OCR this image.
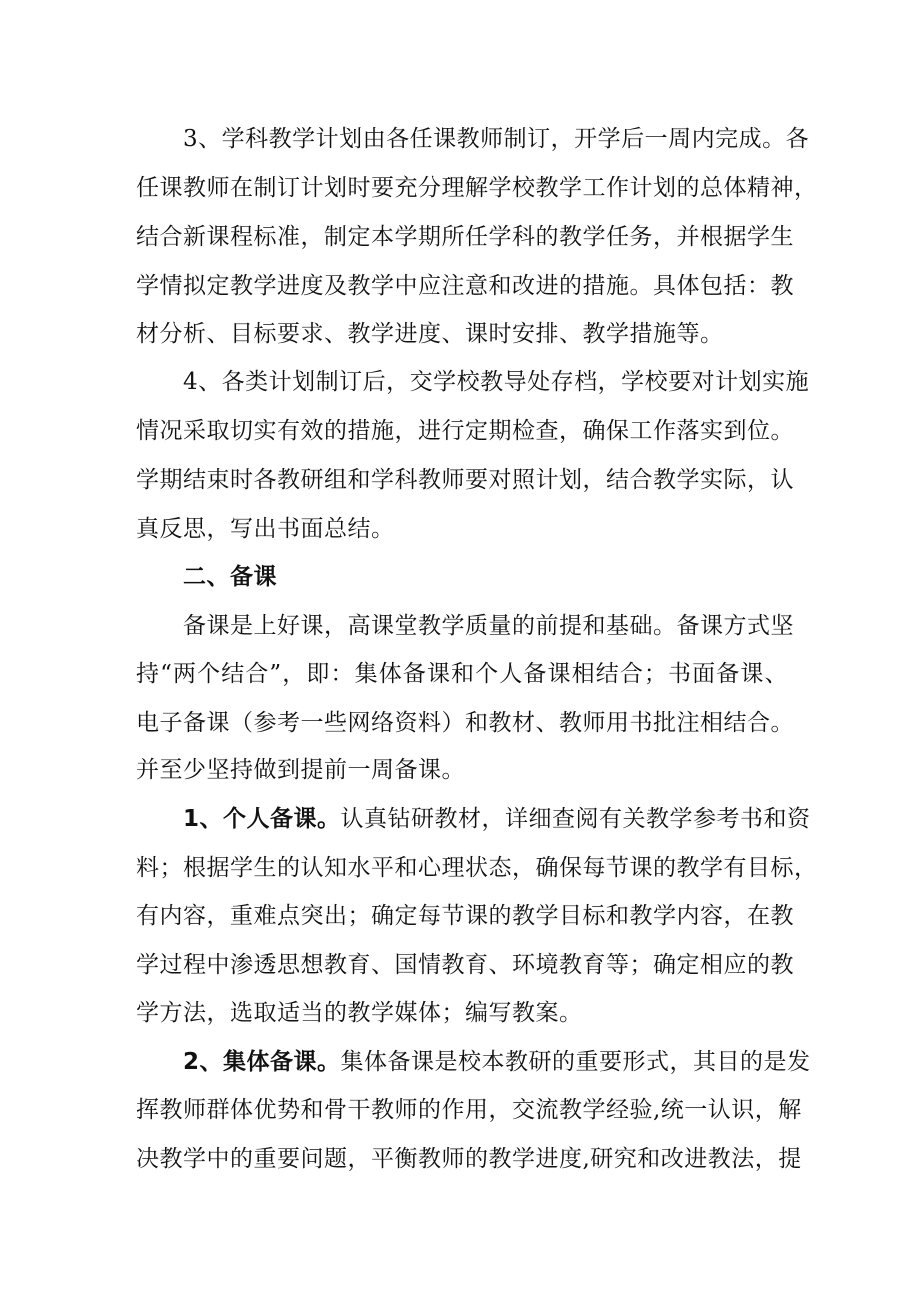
3、学科教学计划由各任课教师制订，开学后一周内完成。各
任课教师在制订计划时要充分理解学校教学工作计划的总体精神，
结合新课程标准，制定本学期所任学科的教学任务，并根据学生
学情拟定教学进度及教学中应注意和改进的措施。具体包括：教
材分析、目标要求、教学进度、课时安排、教学措施等。
4、各类计划制订后，交学校教导处存档，学校要对计划实施
情况采取切实有效的措施，进行定期检查，确保工作落实到位。
学期结束时各教研组和学科教师要对照计划，结合教学实际，认
真反思，写出书面总结。
二、备课
备课是上好课，高课堂教学质量的前提和基础。备课方式坚
持“两个结合”，即：集体备课和个人备课相结合；书面备课、
电子备课（参考一些网络资料）和教材、教师用书批注相结合。
并至少坚持做到提前一周备课。
1、个人备课。认真钻研教材，详细查阅有关教学参考书和资
料；根据学生的认知水平和心理状态，确保每节课的教学有目标，
有内容，重难点突出；确定每节课的教学目标和教学内容，在教
学过程中渗透思想教育、国情教育、环境教育等；确定相应的教
学方法，选取适当的教学媒体；编写教案。
2、集体备课。集体备课是校本教研的重要形式，其目的是发
挥教师群体优势和骨干教师的作用，交流教学经验,统一认识，解
决教学中的重要问题，平衡教师的教学进度,研究和改进教法，提
